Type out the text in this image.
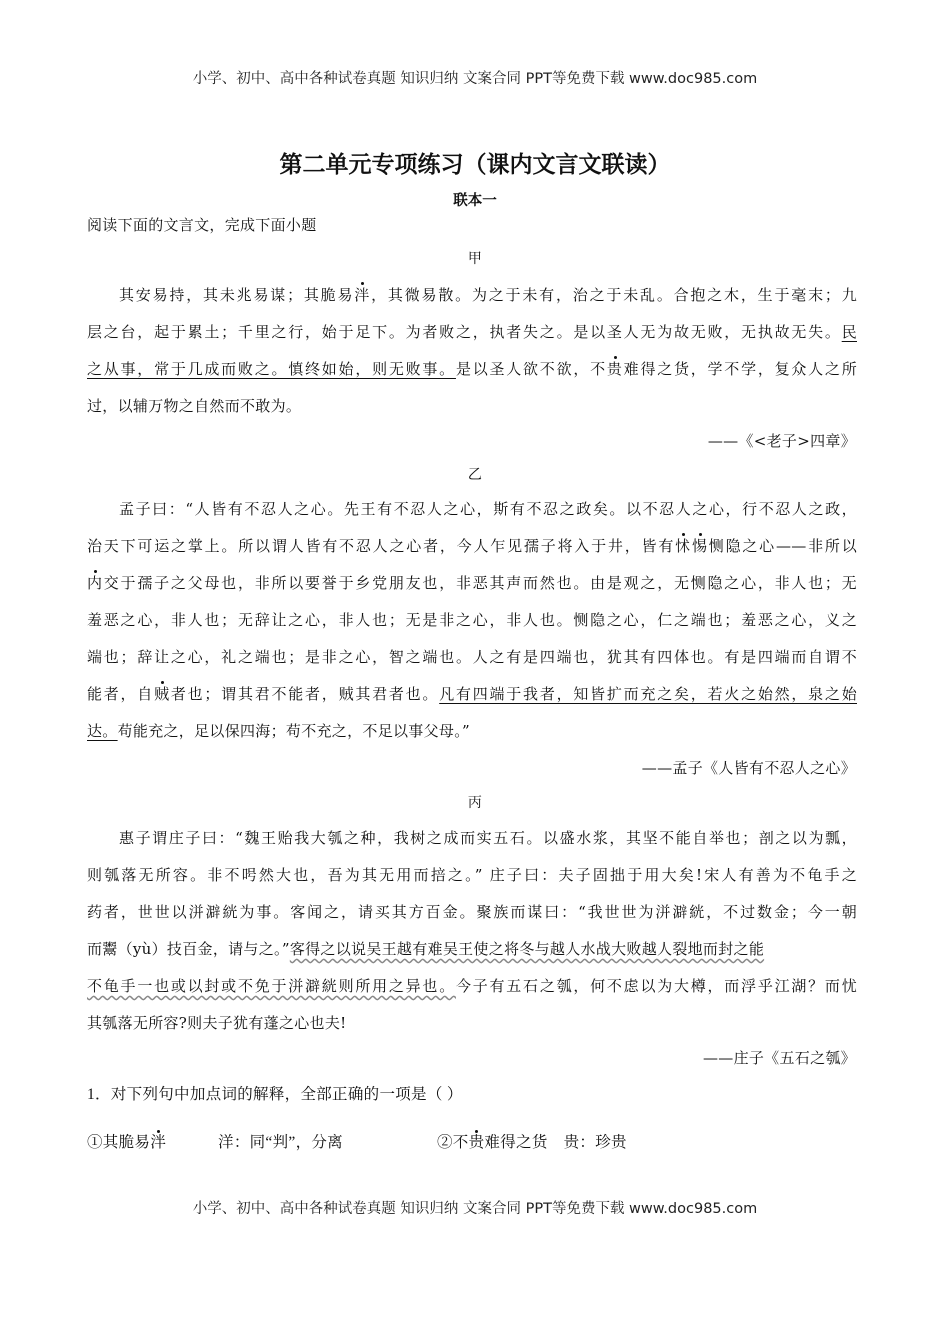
小学、初中、高中各种试卷真题 知识归纳 文案合同 PPT等免费下载 www.doc985.com
第二单元专项练习（课内文言文联读）
联本一
阅读下面的文言文，完成下面小题
甲
其安易持，其未兆易谋；其脆易泮，其微易散。为之于未有，治之于未乱。合抱之木，生于毫末；九
层之台，起于累土；千里之行，始于足下。为者败之，执者失之。是以圣人无为故无败，无执故无失。民
之从事，常于几成而败之。慎终如始，则无败事。是以圣人欲不欲，不贵难得之货，学不学，复众人之所
过，以辅万物之自然而不敢为。
——《<老子>四章》
乙
孟子曰：“人皆有不忍人之心。先王有不忍人之心，斯有不忍之政矣。以不忍人之心，行不忍人之政，
治天下可运之掌上。所以谓人皆有不忍人之心者，今人乍见孺子将入于井，皆有怵惕恻隐之心——非所以
内交于孺子之父母也，非所以要誉于乡党朋友也，非恶其声而然也。由是观之，无恻隐之心，非人也；无
羞恶之心，非人也；无辞让之心，非人也；无是非之心，非人也。恻隐之心，仁之端也；羞恶之心，义之
端也；辞让之心，礼之端也；是非之心，智之端也。人之有是四端也，犹其有四体也。有是四端而自谓不
能者，自贼者也；谓其君不能者，贼其君者也。凡有四端于我者，知皆扩而充之矣，若火之始然，泉之始
达。苟能充之，足以保四海；苟不充之，不足以事父母。”
——孟子《人皆有不忍人之心》
丙
惠子谓庄子曰：“魏王贻我大瓠之种，我树之成而实五石。以盛水浆，其坚不能自举也；剖之以为瓢，
则瓠落无所容。非不呺然大也，吾为其无用而掊之。” 庄子曰：夫子固拙于用大矣!宋人有善为不龟手之
药者，世世以洴澼絖为事。客闻之，请买其方百金。聚族而谋曰：“我世世为洴澼絖，不过数金；今一朝
而鬻（yù）技百金，请与之。”客得之以说吴王越有难吴王使之将冬与越人水战大败越人裂地而封之能
不龟手一也或以封或不免于洴澼絖则所用之异也。今子有五石之瓠，何不虑以为大樽，而浮乎江湖？而忧
其瓠落无所容?则夫子犹有蓬之心也夫!
——庄子《五石之瓠》
1．对下列句中加点词的解释，全部正确的一项是（ ）
①其脆易泮	洋：同“判”，分离	②不贵难得之货 贵：珍贵
小学、初中、高中各种试卷真题 知识归纳 文案合同 PPT等免费下载 www.doc985.com
